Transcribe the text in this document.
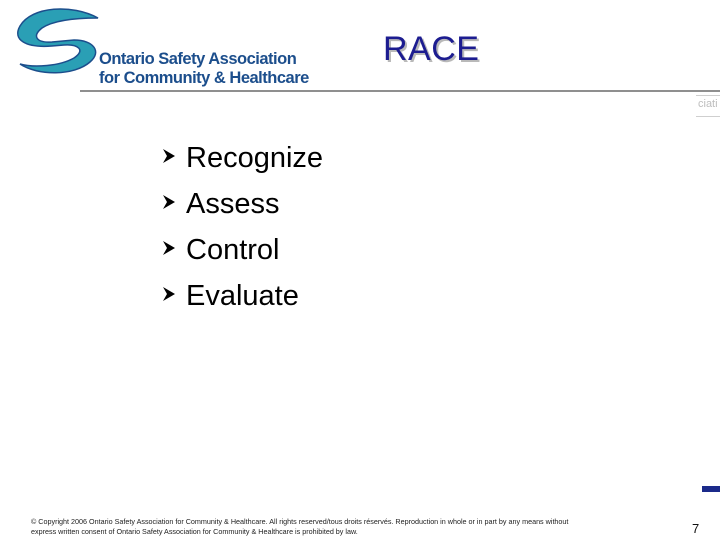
Ontario Safety Association
for Community & Healthcare
RACE
ciati
Recognize
Assess
Control
Evaluate
© Copyright 2006 Ontario Safety Association for Community & Healthcare. All rights reserved/tous droits réservés. Reproduction in whole or in part by any means without
express written consent of Ontario Safety Association for Community & Healthcare is prohibited by law.	7
